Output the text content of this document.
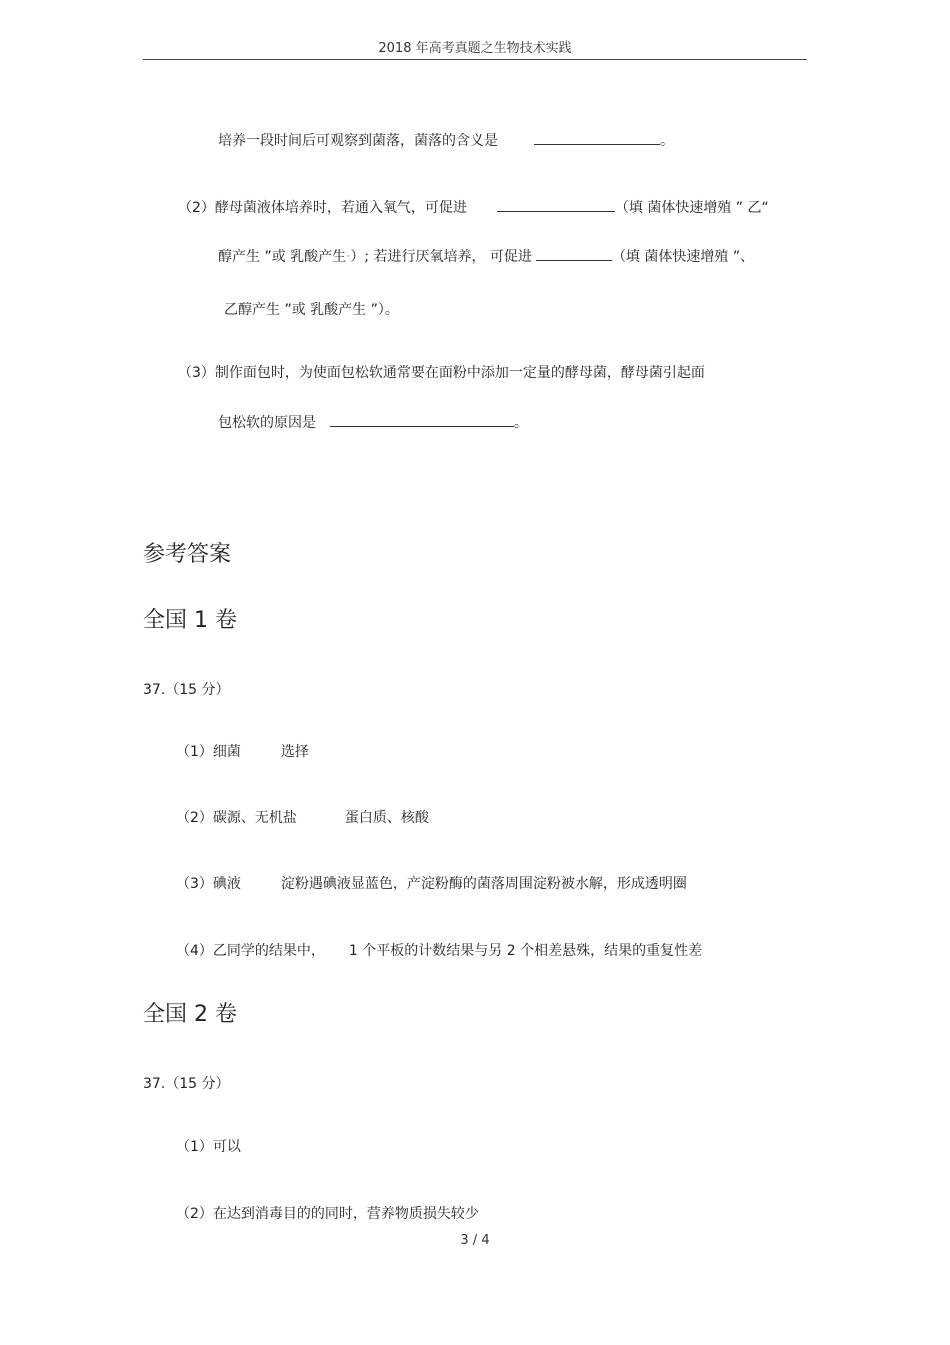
2018 年高考真题之生物技术实践
培养一段时间后可观察到菌落，菌落的含义是	。
（2）酵母菌液体培养时，若通入氧气，可促进	（填 菌体快速增殖 ” 乙“
醇产生 ”或 乳酸产生”）; 若进行厌氧培养， 可促进	（填 菌体快速增殖 ”、
乙醇产生 ”或 乳酸产生 ”）。
（3）制作面包时，为使面包松软通常要在面粉中添加一定量的酵母菌，酵母菌引起面
包松软的原因是	。
参考答案
全国 1 卷
37.（15 分）
（1）细菌	选择
（2）碳源、无机盐	蛋白质、核酸
（3）碘液	淀粉遇碘液显蓝色，产淀粉酶的菌落周围淀粉被水解，形成透明圈
（4）乙同学的结果中， 1 个平板的计数结果与另 2 个相差悬殊，结果的重复性差
全国 2 卷
37.（15 分）
（1）可以
（2）在达到消毒目的的同时，营养物质损失较少
3 / 4
